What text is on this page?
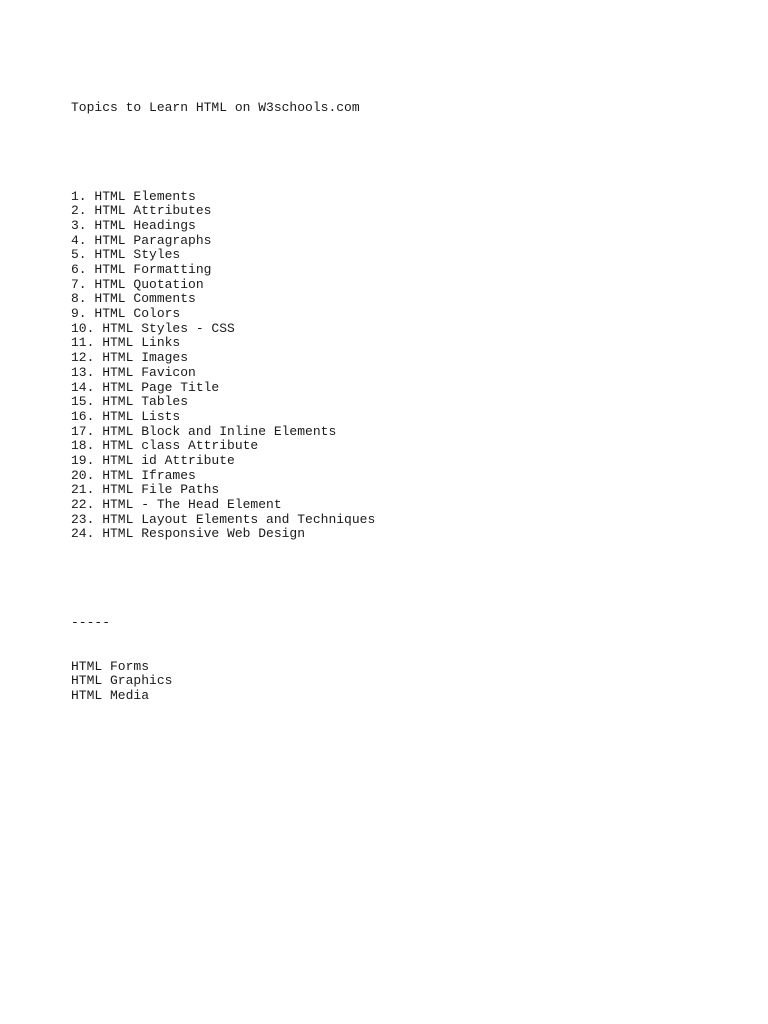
Topics to Learn HTML on W3schools.com

1. HTML Elements
2. HTML Attributes
3. HTML Headings
4. HTML Paragraphs
5. HTML Styles
6. HTML Formatting
7. HTML Quotation
8. HTML Comments
9. HTML Colors
10. HTML Styles - CSS
11. HTML Links
12. HTML Images
13. HTML Favicon
14. HTML Page Title
15. HTML Tables
16. HTML Lists
17. HTML Block and Inline Elements
18. HTML class Attribute
19. HTML id Attribute
20. HTML Iframes
21. HTML File Paths
22. HTML - The Head Element
23. HTML Layout Elements and Techniques
24. HTML Responsive Web Design

-----

HTML Forms
HTML Graphics
HTML Media
